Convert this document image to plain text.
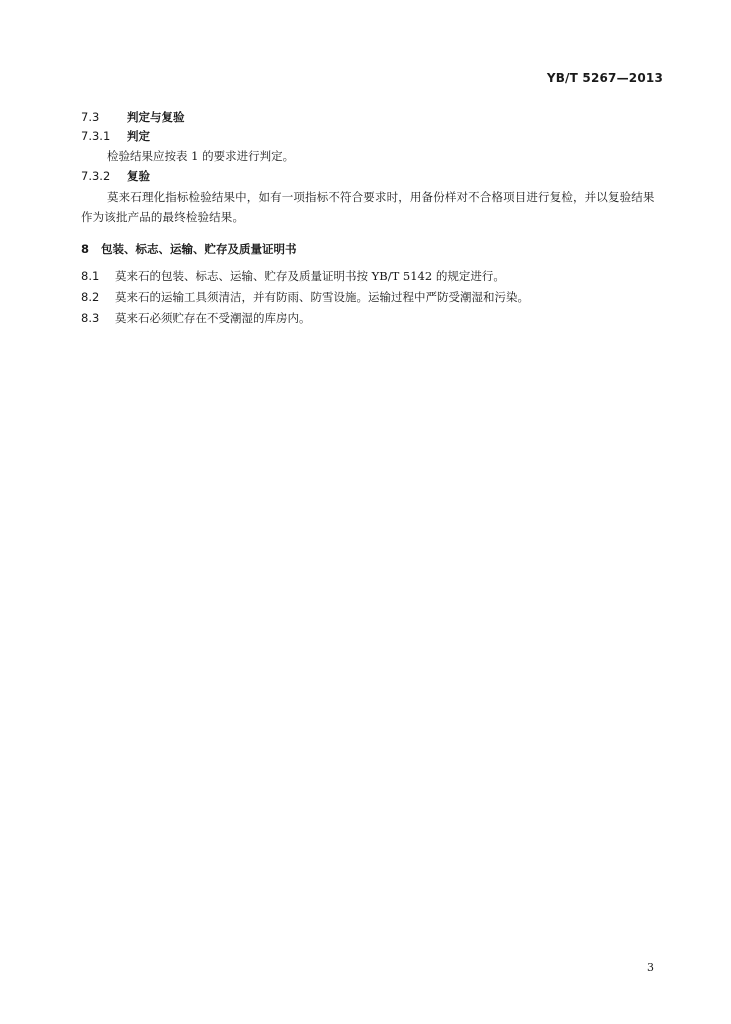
YB/T 5267—2013
7.3 判定与复验
7.3.1 判定
检验结果应按表 1 的要求进行判定。
7.3.2 复验
莫来石理化指标检验结果中，如有一项指标不符合要求时，用备份样对不合格项目进行复检，并以复验结果作为该批产品的最终检验结果。
8 包装、标志、运输、贮存及质量证明书
8.1 莫来石的包装、标志、运输、贮存及质量证明书按 YB/T 5142 的规定进行。
8.2 莫来石的运输工具须清洁，并有防雨、防雪设施。运输过程中严防受潮湿和污染。
8.3 莫来石必须贮存在不受潮湿的库房内。
3
